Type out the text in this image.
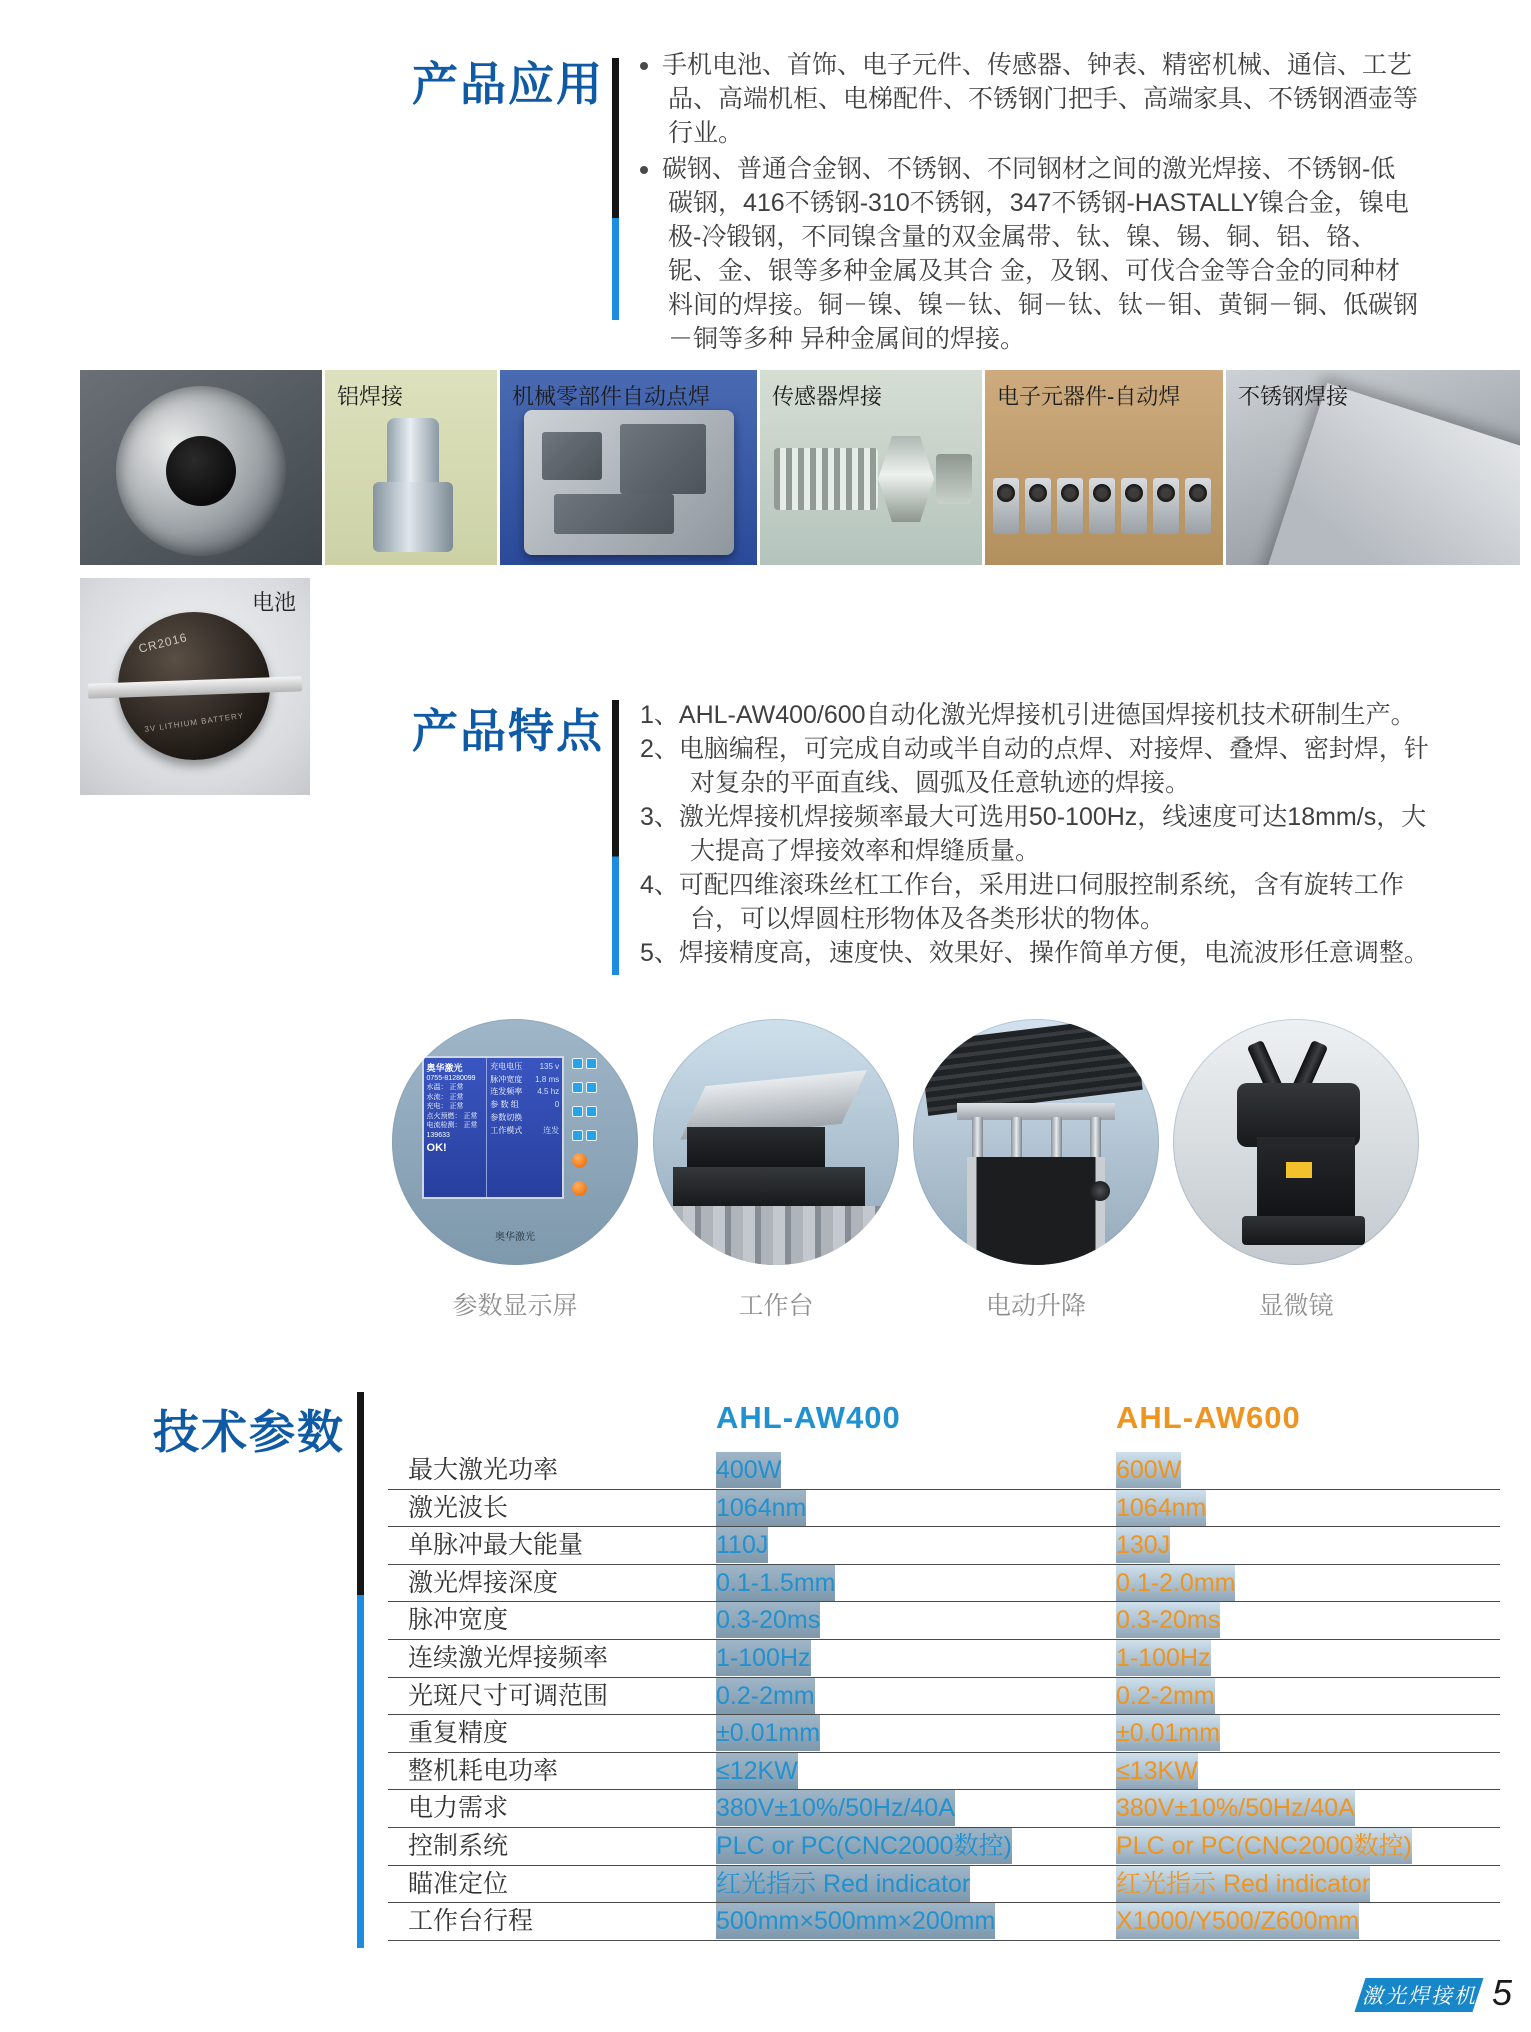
产品应用	手机电池、首饰、电子元件、传感器、钟表、精密机械、通信、工艺品、高端机柜、电梯配件、不锈钢门把手、高端家具、不锈钢酒壶等行业。
碳钢、普通合金钢、不锈钢、不同钢材之间的激光焊接、不锈钢-低碳钢，416不锈钢-310不锈钢，347不锈钢-HASTALLY镍合金，镍电极-冷锻钢，不同镍含量的双金属带、钛、镍、锡、铜、铝、铬、铌、金、银等多种金属及其合 金，及钢、可伐合金等合金的同种材料间的焊接。铜－镍、镍－钛、铜－钛、钛－钼、黄铜－铜、低碳钢－铜等多种 异种金属间的焊接。
铝焊接	机械零部件自动点焊	传感器焊接	电子元器件-自动焊	不锈钢焊接
CR2016
3V LITHIUM BATTERY
电池
产品特点 1、AHL-AW400/600自动化激光焊接机引进德国焊接机技术研制生产。
2、电脑编程，可完成自动或半自动的点焊、对接焊、叠焊、密封焊，针对复杂的平面直线、圆弧及任意轨迹的焊接。
3、激光焊接机焊接频率最大可选用50-100Hz，线速度可达18mm/s，大大提高了焊接效率和焊缝质量。
4、可配四维滚珠丝杠工作台，采用进口伺服控制系统，含有旋转工作台，可以焊圆柱形物体及各类形状的物体。
5、焊接精度高，速度快、效果好、操作简单方便，电流波形任意调整。
奥华激光
0755-81280099
水温： 正常
水流： 正常
充电： 正常
点火预燃： 正常
电流检测： 正常
139633
OK!
充电电压 135 v
脉冲宽度 1.8 ms
连发频率 4.5 hz
参 数 组	0
参数切换
工作模式	连发
奥华激光
参数显示屏	工作台	电动升降	显微镜
技术参数	AHL-AW400	AHL-AW600
最大激光功率	400W	600W
激光波长	1064nm	1064nm
单脉冲最大能量	110J	130J
激光焊接深度	0.1-1.5mm	0.1-2.0mm
脉冲宽度	0.3-20ms	0.3-20ms
连续激光焊接频率	1-100Hz	1-100Hz
光斑尺寸可调范围	0.2-2mm	0.2-2mm
重复精度	±0.01mm	±0.01mm
整机耗电功率	≤12KW	≤13KW
电力需求	380V±10%/50Hz/40A	380V±10%/50Hz/40A
控制系统	PLC or PC(CNC2000数控)	PLC or PC(CNC2000数控)
瞄准定位	红光指示 Red indicator	红光指示 Red indicator
工作台行程	500mm×500mm×200mm	X1000/Y500/Z600mm
激光焊接机 5
